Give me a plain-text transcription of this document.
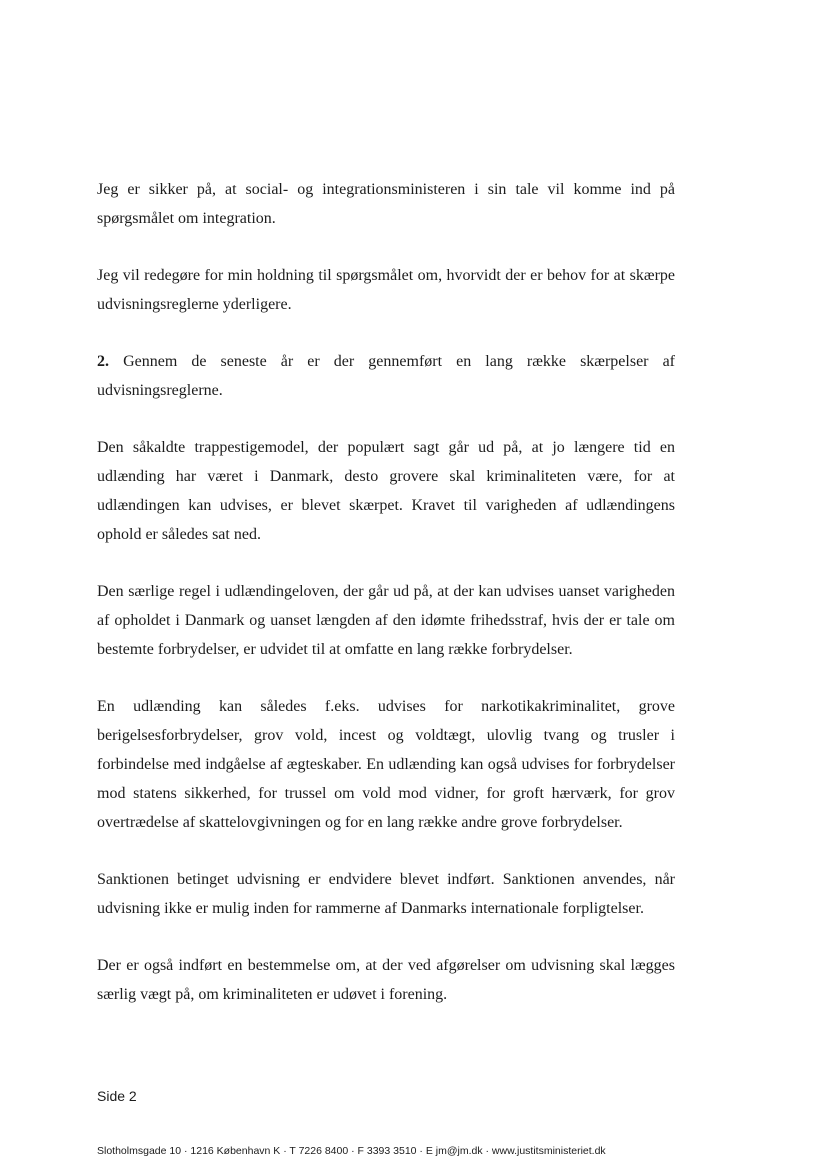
Jeg er sikker på, at social- og integrationsministeren i sin tale vil komme ind på spørgsmålet om integration.

Jeg vil redegøre for min holdning til spørgsmålet om, hvorvidt der er behov for at skærpe udvisningsreglerne yderligere.

2. Gennem de seneste år er der gennemført en lang række skærpelser af udvisningsreglerne.

Den såkaldte trappestigemodel, der populært sagt går ud på, at jo længere tid en udlænding har været i Danmark, desto grovere skal kriminaliteten være, for at udlændingen kan udvises, er blevet skærpet. Kravet til varigheden af udlændingens ophold er således sat ned.

Den særlige regel i udlændingeloven, der går ud på, at der kan udvises uanset varigheden af opholdet i Danmark og uanset længden af den idømte frihedsstraf, hvis der er tale om bestemte forbrydelser, er udvidet til at omfatte en lang række forbrydelser.

En udlænding kan således f.eks. udvises for narkotikakriminalitet, grove berigelsesforbrydelser, grov vold, incest og voldtægt, ulovlig tvang og trusler i forbindelse med indgåelse af ægteskaber. En udlænding kan også udvises for forbrydelser mod statens sikkerhed, for trussel om vold mod vidner, for groft hærværk, for grov overtrædelse af skattelovgivningen og for en lang række andre grove forbrydelser.

Sanktionen betinget udvisning er endvidere blevet indført. Sanktionen anvendes, når udvisning ikke er mulig inden for rammerne af Danmarks internationale forpligtelser.

Der er også indført en bestemmelse om, at der ved afgørelser om udvisning skal lægges særlig vægt på, om kriminaliteten er udøvet i forening.

Side 2
Slotholmsgade 10 · 1216 København K · T 7226 8400 · F 3393 3510 · E jm@jm.dk · www.justitsministeriet.dk
